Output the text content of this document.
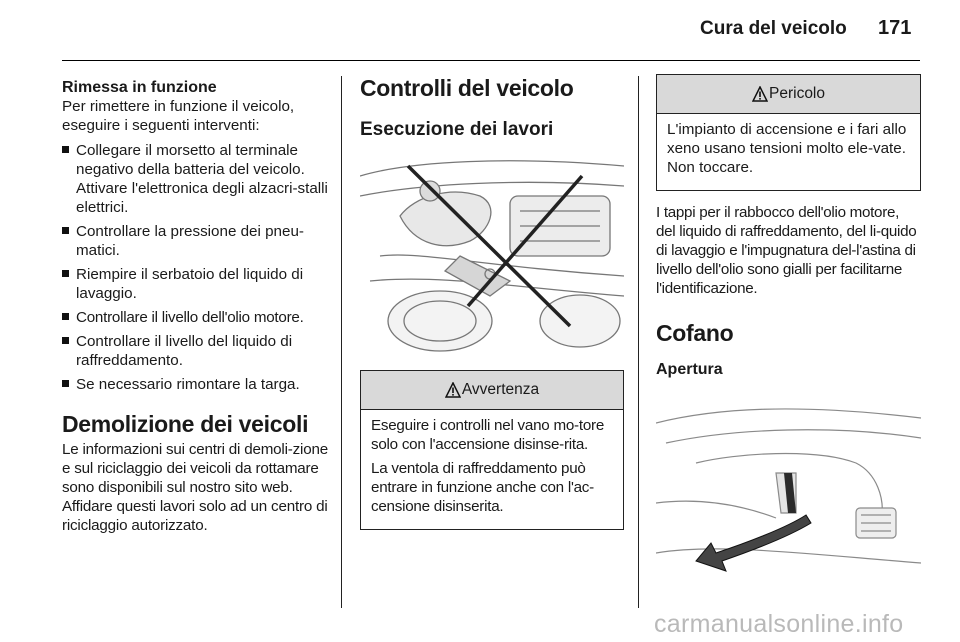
Cura del veicolo 171
Rimessa in funzione
Per rimettere in funzione il veicolo, eseguire i seguenti interventi:
Collegare il morsetto al terminale negativo della batteria del veicolo. Attivare l'elettronica degli alzacri-stalli elettrici.
Controllare la pressione dei pneu-matici.
Riempire il serbatoio del liquido di lavaggio.
Controllare il livello dell'olio motore.
Controllare il livello del liquido di raffreddamento.
Se necessario rimontare la targa.
Demolizione dei veicoli
Le informazioni sui centri di demoli-zione e sul riciclaggio dei veicoli da rottamare sono disponibili sul nostro sito web. Affidare questi lavori solo ad un centro di riciclaggio autorizzato.
Controlli del veicolo
Esecuzione dei lavori
Avvertenza
Eseguire i controlli nel vano mo-tore solo con l'accensione disinse-rita.
La ventola di raffreddamento può entrare in funzione anche con l'ac-censione disinserita.
Pericolo
L'impianto di accensione e i fari allo xeno usano tensioni molto ele-vate. Non toccare.
I tappi per il rabbocco dell'olio motore, del liquido di raffreddamento, del li-quido di lavaggio e l'impugnatura del-l'astina di livello dell'olio sono gialli per facilitarne l'identificazione.
Cofano
Apertura
carmanualsonline.info
